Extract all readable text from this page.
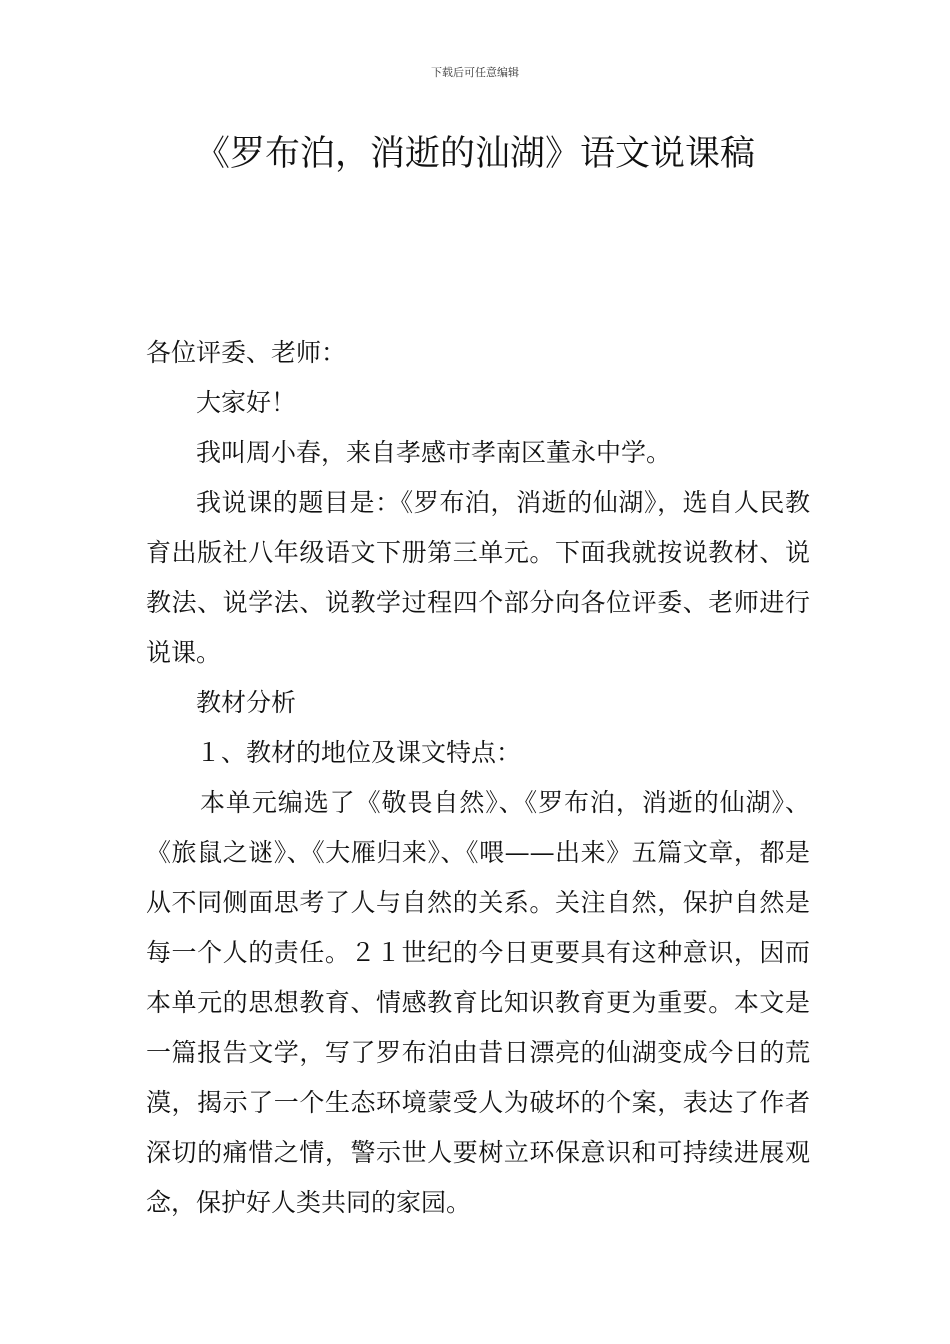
下载后可任意编辑
《罗布泊，消逝的汕湖》语文说课稿

各位评委、老师：

大家好！

我叫周小春，来自孝感市孝南区董永中学。

我说课的题目是：《罗布泊，消逝的仙湖》，选自人民教育出版社八年级语文下册第三单元。下面我就按说教材、说教法、说学法、说教学过程四个部分向各位评委、老师进行说课。

教材分析

１、教材的地位及课文特点：

本单元编选了《敬畏自然》、《罗布泊，消逝的仙湖》、《旅鼠之谜》、《大雁归来》、《喂——出来》五篇文章，都是从不同侧面思考了人与自然的关系。关注自然，保护自然是每一个人的责任。２１世纪的今日更要具有这种意识，因而本单元的思想教育、情感教育比知识教育更为重要。本文是一篇报告文学，写了罗布泊由昔日漂亮的仙湖变成今日的荒漠，揭示了一个生态环境蒙受人为破坏的个案，表达了作者深切的痛惜之情，警示世人要树立环保意识和可持续进展观念，保护好人类共同的家园。
